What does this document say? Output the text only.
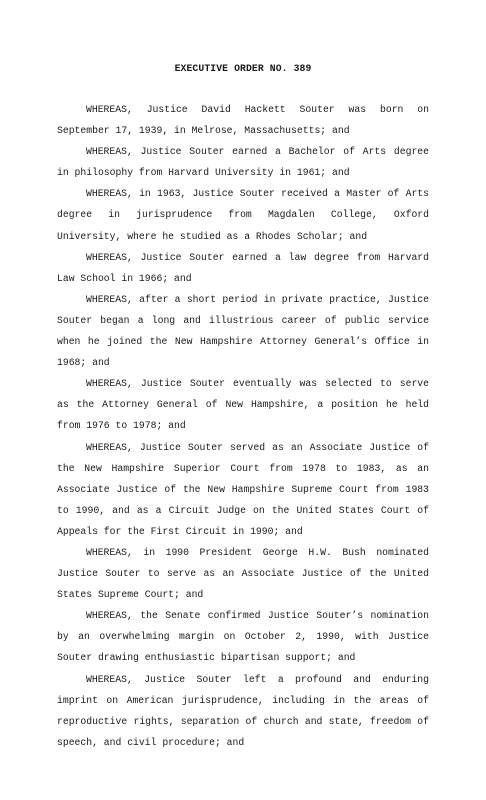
EXECUTIVE ORDER NO. 389

WHEREAS, Justice David Hackett Souter was born on September 17, 1939, in Melrose, Massachusetts; and

WHEREAS, Justice Souter earned a Bachelor of Arts degree in philosophy from Harvard University in 1961; and

WHEREAS, in 1963, Justice Souter received a Master of Arts degree in jurisprudence from Magdalen College, Oxford University, where he studied as a Rhodes Scholar; and

WHEREAS, Justice Souter earned a law degree from Harvard Law School in 1966; and

WHEREAS, after a short period in private practice, Justice Souter began a long and illustrious career of public service when he joined the New Hampshire Attorney General’s Office in 1968; and

WHEREAS, Justice Souter eventually was selected to serve as the Attorney General of New Hampshire, a position he held from 1976 to 1978; and

WHEREAS, Justice Souter served as an Associate Justice of the New Hampshire Superior Court from 1978 to 1983, as an Associate Justice of the New Hampshire Supreme Court from 1983 to 1990, and as a Circuit Judge on the United States Court of Appeals for the First Circuit in 1990; and

WHEREAS, in 1990 President George H.W. Bush nominated Justice Souter to serve as an Associate Justice of the United States Supreme Court; and

WHEREAS, the Senate confirmed Justice Souter’s nomination by an overwhelming margin on October 2, 1990, with Justice Souter drawing enthusiastic bipartisan support; and

WHEREAS, Justice Souter left a profound and enduring imprint on American jurisprudence, including in the areas of reproductive rights, separation of church and state, freedom of speech, and civil procedure; and
